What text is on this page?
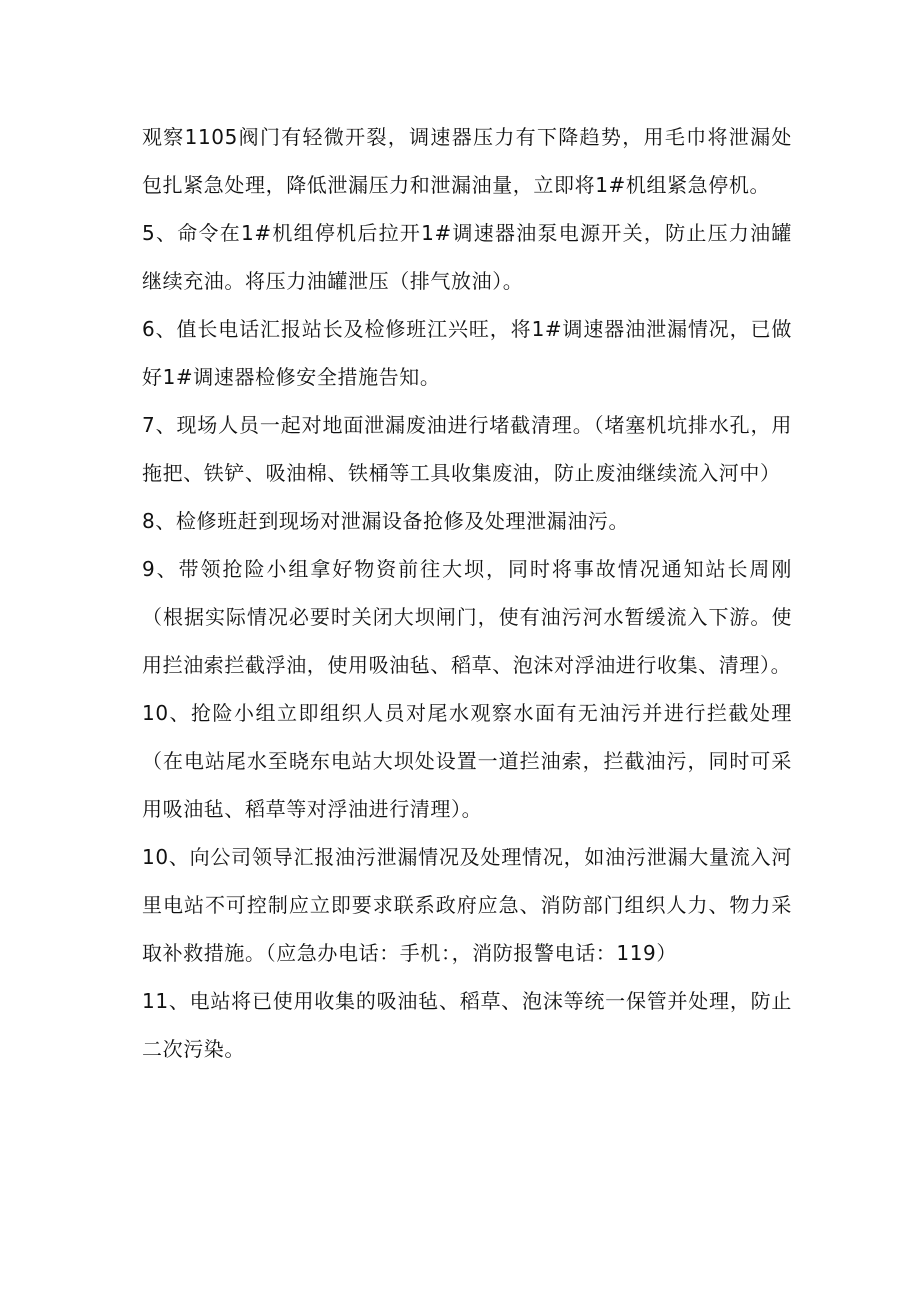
观察1105阀门有轻微开裂，调速器压力有下降趋势，用毛巾将泄漏处包扎紧急处理，降低泄漏压力和泄漏油量，立即将1#机组紧急停机。

5、命令在1#机组停机后拉开1#调速器油泵电源开关，防止压力油罐继续充油。将压力油罐泄压（排气放油）。

6、值长电话汇报站长及检修班江兴旺，将1#调速器油泄漏情况，已做好1#调速器检修安全措施告知。

7、现场人员一起对地面泄漏废油进行堵截清理。（堵塞机坑排水孔，用拖把、铁铲、吸油棉、铁桶等工具收集废油，防止废油继续流入河中）

8、检修班赶到现场对泄漏设备抢修及处理泄漏油污。

9、带领抢险小组拿好物资前往大坝，同时将事故情况通知站长周刚（根据实际情况必要时关闭大坝闸门，使有油污河水暂缓流入下游。使用拦油索拦截浮油，使用吸油毡、稻草、泡沫对浮油进行收集、清理）。

10、抢险小组立即组织人员对尾水观察水面有无油污并进行拦截处理（在电站尾水至晓东电站大坝处设置一道拦油索，拦截油污，同时可采用吸油毡、稻草等对浮油进行清理）。

10、向公司领导汇报油污泄漏情况及处理情况，如油污泄漏大量流入河里电站不可控制应立即要求联系政府应急、消防部门组织人力、物力采取补救措施。（应急办电话：手机：，消防报警电话：119）

11、电站将已使用收集的吸油毡、稻草、泡沫等统一保管并处理，防止二次污染。
